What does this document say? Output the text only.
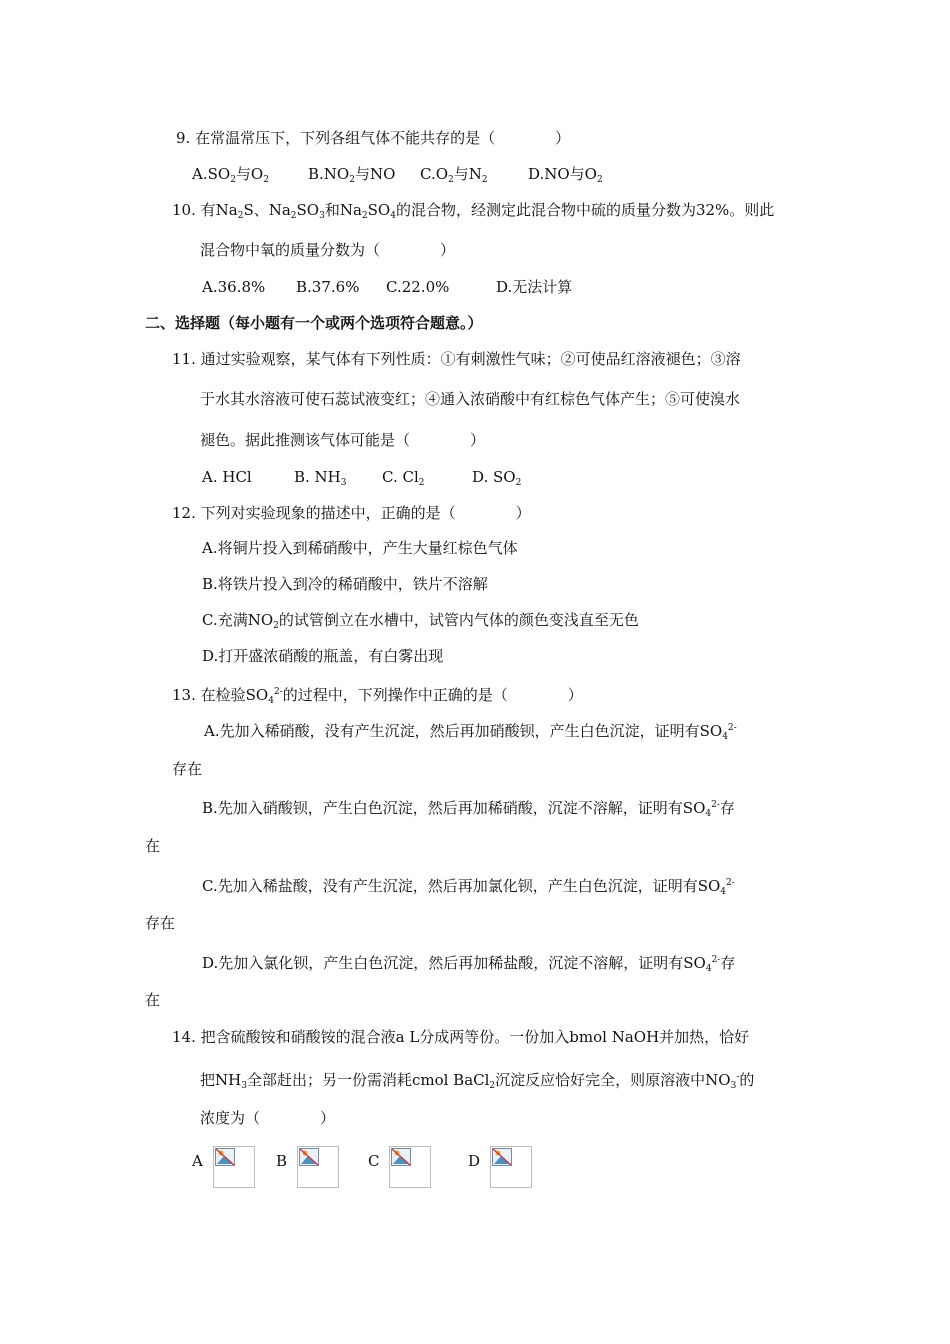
9. 在常温常压下，下列各组气体不能共存的是（　　　　）
$A.SO_2$与$O_2$	$B.NO_2$与NO $C.O_2$与$N_2$	D.NO与$O_2$
10. 有$Na_2S$、$Na_2SO_3$和$Na_2SO_4$的混合物，经测定此混合物中硫的质量分数为32%。则此
混合物中氧的质量分数为（　　　　）
A.36.8% B.37.6% C.22.0%	D.无法计算
二、选择题（每小题有一个或两个选项符合题意。）
11. 通过实验观察，某气体有下列性质：①有刺激性气味；②可使品红溶液褪色；③溶
于水其水溶液可使石蕊试液变红；④通入浓硝酸中有红棕色气体产生；⑤可使溴水
褪色。据此推测该气体可能是（　　　　）
A. HCl	B. $NH_3$ C. $Cl_2$	D. $SO_2$
12. 下列对实验现象的描述中，正确的是（　　　　）
A.将铜片投入到稀硝酸中，产生大量红棕色气体
B.将铁片投入到冷的稀硝酸中，铁片不溶解
C.充满$NO_2$的试管倒立在水槽中，试管内气体的颜色变浅直至无色
D.打开盛浓硝酸的瓶盖，有白雾出现
13. 在检验$SO_4^{2-}$的过程中，下列操作中正确的是（　　　　）
A.先加入稀硝酸，没有产生沉淀，然后再加硝酸钡，产生白色沉淀，证明有$SO_4^{2-}$
存在
B.先加入硝酸钡，产生白色沉淀，然后再加稀硝酸，沉淀不溶解，证明有$SO_4^{2-}$存
在
C.先加入稀盐酸，没有产生沉淀，然后再加氯化钡，产生白色沉淀，证明有$SO_4^{2-}$
存在
D.先加入氯化钡，产生白色沉淀，然后再加稀盐酸，沉淀不溶解，证明有$SO_4^{2-}$存
在
14. 把含硫酸铵和硝酸铵的混合液a L分成两等份。一份加入bmol NaOH并加热，恰好
把$NH_3$全部赶出；另一份需消耗cmol BaCl$_2$沉淀反应恰好完全，则原溶液中$NO_3^-$的
浓度为（　　　　）
A	B	C	D
